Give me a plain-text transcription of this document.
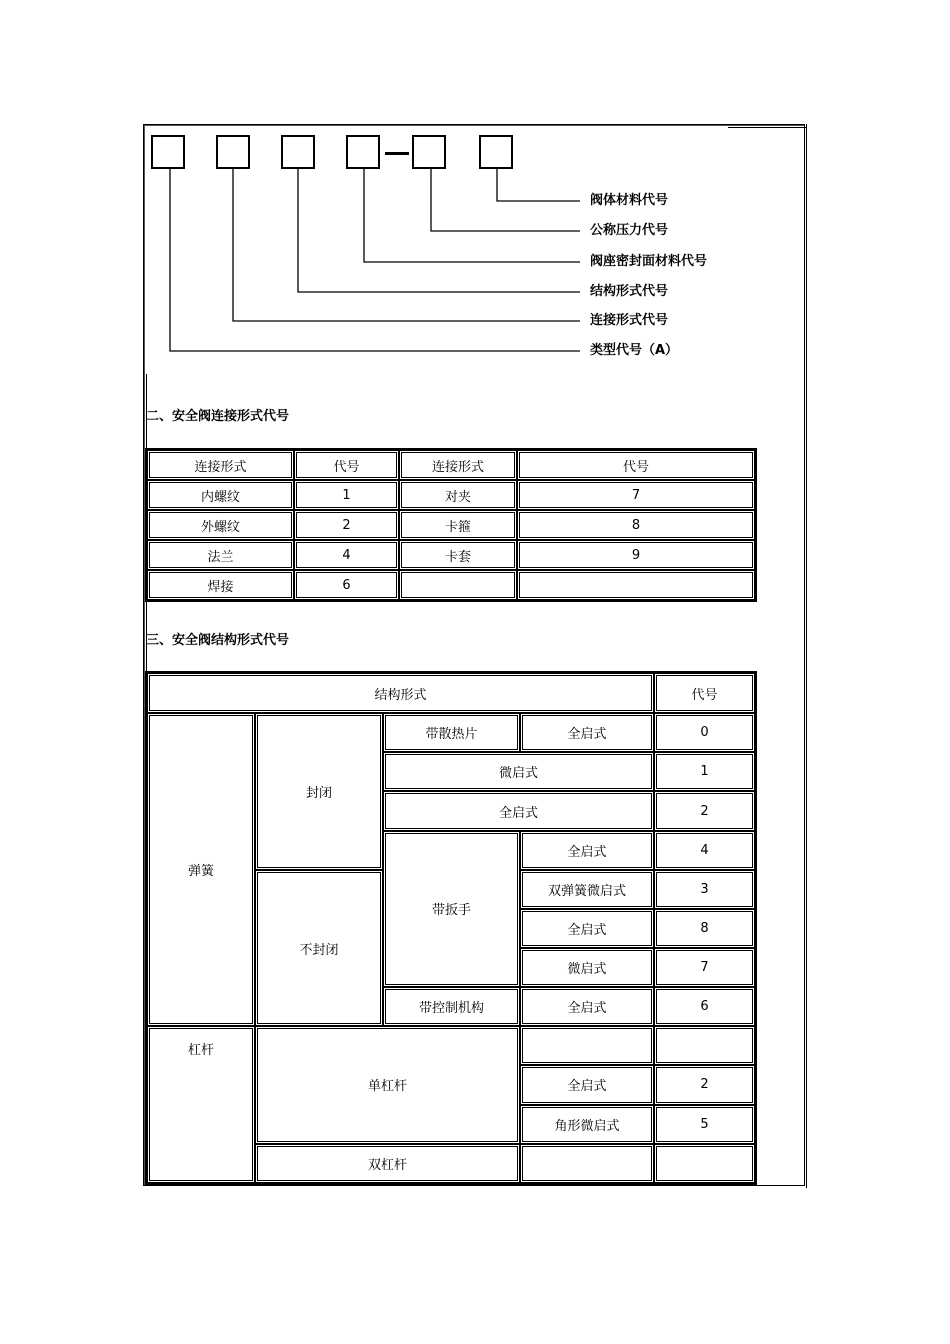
阀体材料代号
公称压力代号
阀座密封面材料代号
结构形式代号
连接形式代号
类型代号（A）
二、安全阀连接形式代号
连接形式	代号	连接形式	代号
内螺纹	1	对夹	7
外螺纹	2	卡箍	8
法兰	4	卡套	9
焊接	6		
三、安全阀结构形式代号
结构形式				代号
弹簧	封闭	带散热片	全启式	0
		微启式		1
		全启式		2
		带扳手	全启式	4
	不封闭		双弹簧微启式	3
			全启式	8
			微启式	7
		带控制机构	全启式	6
杠杆	单杠杆			
			全启式	2
			角形微启式	5
	双杠杆			
